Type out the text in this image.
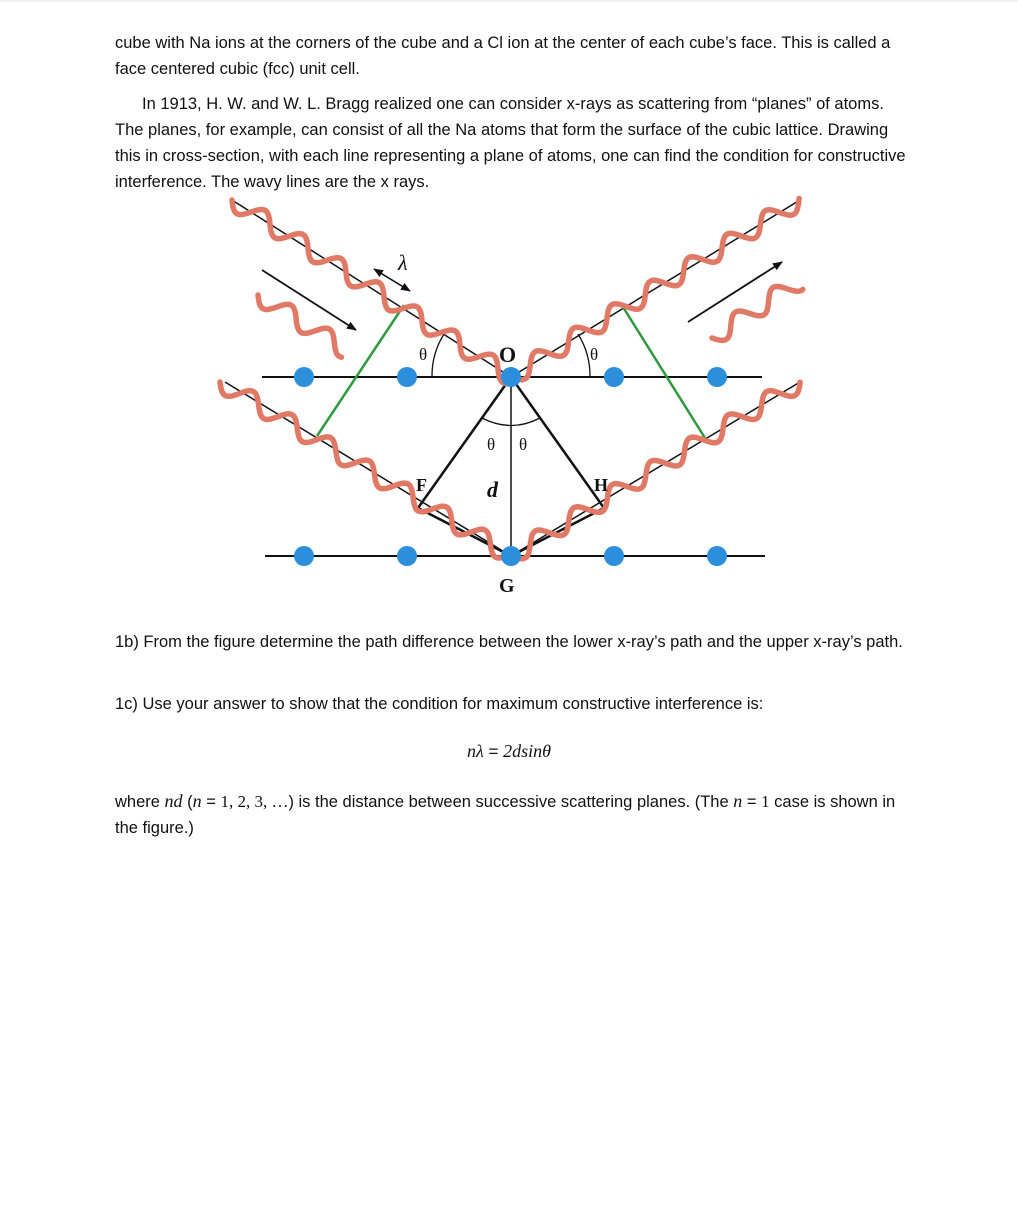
cube with Na ions at the corners of the cube and a Cl ion at the center of each cube’s face. This is called a face centered cubic (fcc) unit cell.

In 1913, H. W. and W. L. Bragg realized one can consider x-rays as scattering from “planes” of atoms. The planes, for example, can consist of all the Na atoms that form the surface of the cubic lattice. Drawing this in cross-section, with each line representing a plane of atoms, one can find the condition for constructive interference. The wavy lines are the x rays.

λ
O
F	H
G
d
θ	θ
θ θ

1b) From the figure determine the path difference between the lower x-ray’s path and the upper x-ray’s path.

1c) Use your answer to show that the condition for maximum constructive interference is:

nλ = 2dsinθ

where nd (n = 1, 2, 3, …) is the distance between successive scattering planes. (The n = 1 case is shown in the figure.)
